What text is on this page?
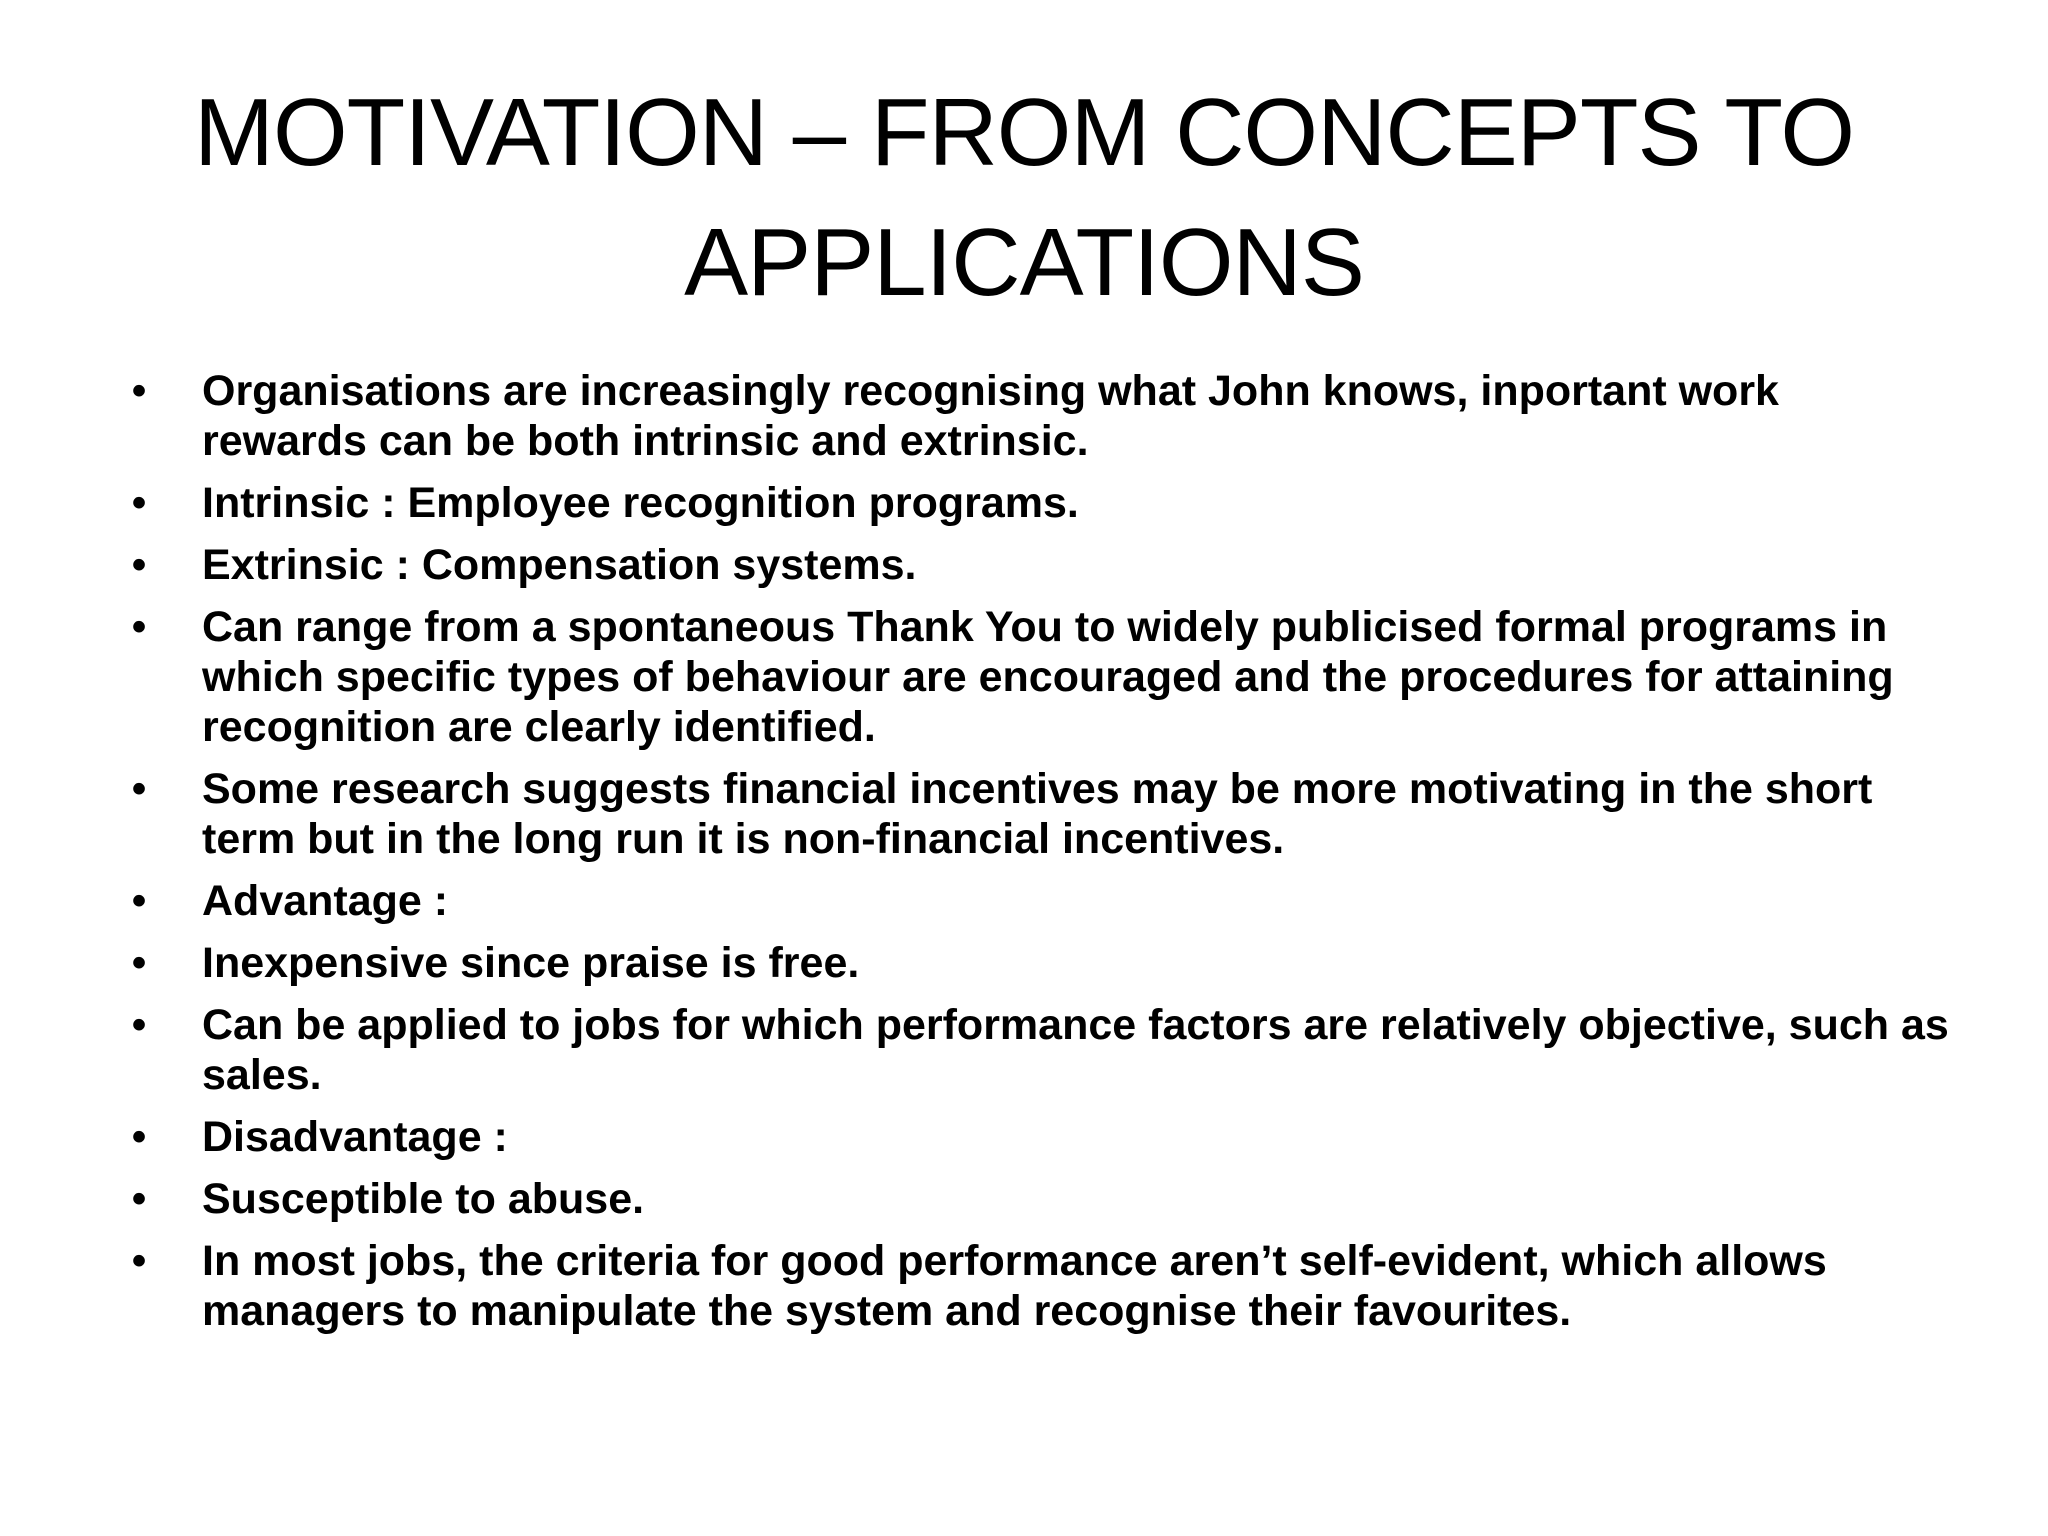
MOTIVATION – FROM CONCEPTS TO
APPLICATIONS
• Organisations are increasingly recognising what John knows, inportant work rewards can be both intrinsic and extrinsic.
• Intrinsic : Employee recognition programs.
• Extrinsic : Compensation systems.
• Can range from a spontaneous Thank You to widely publicised formal programs in which specific types of behaviour are encouraged and the procedures for attaining recognition are clearly identified.
• Some research suggests financial incentives may be more motivating in the short term but in the long run it is non-financial incentives.
• Advantage :
• Inexpensive since praise is free.
• Can be applied to jobs for which performance factors are relatively objective, such as sales.
• Disadvantage :
• Susceptible to abuse.
• In most jobs, the criteria for good performance aren’t self-evident, which allows managers to manipulate the system and recognise their favourites.
